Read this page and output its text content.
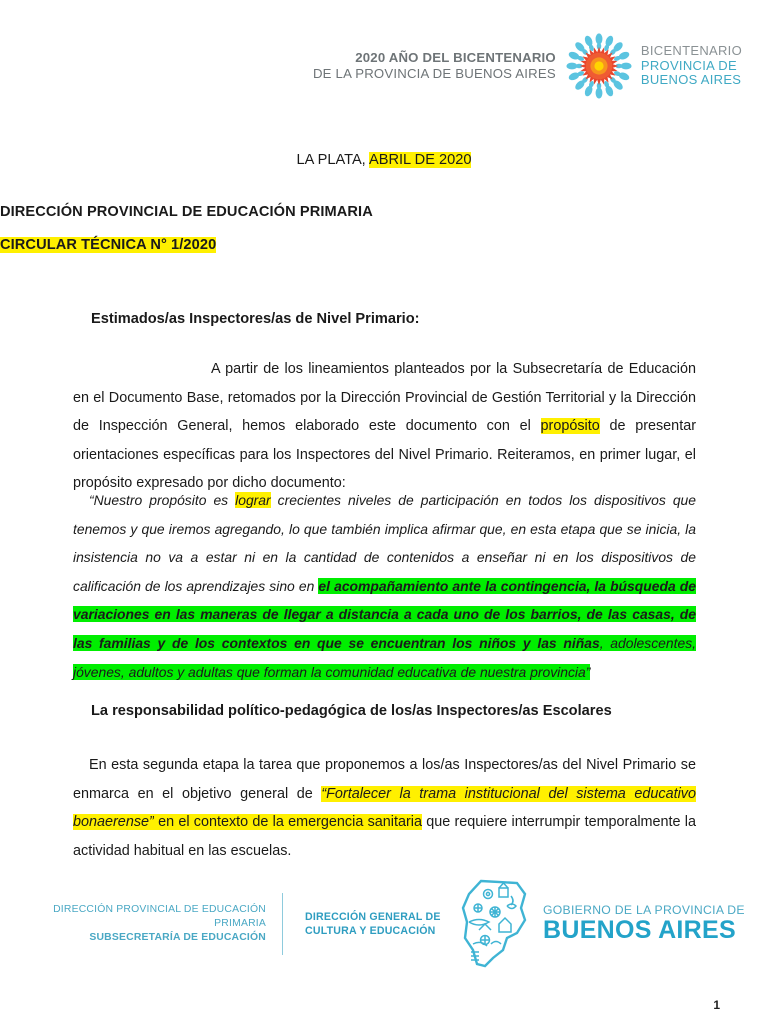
2020 AÑO DEL BICENTENARIO
DE LA PROVINCIA DE BUENOS AIRES
BICENTENARIO
PROVINCIA DE
BUENOS AIRES
LA PLATA, ABRIL DE 2020
DIRECCIÓN PROVINCIAL DE EDUCACIÓN PRIMARIA
CIRCULAR TÉCNICA N° 1/2020
Estimados/as Inspectores/as de Nivel Primario:
A partir de los lineamientos planteados por la Subsecretaría de Educación en el Documento Base, retomados por la Dirección Provincial de Gestión Territorial y la Dirección de Inspección General, hemos elaborado este documento con el propósito de presentar orientaciones específicas para los Inspectores del Nivel Primario. Reiteramos, en primer lugar, el propósito expresado por dicho documento:
“Nuestro propósito es lograr crecientes niveles de participación en todos los dispositivos que tenemos y que iremos agregando, lo que también implica afirmar que, en esta etapa que se inicia, la insistencia no va a estar ni en la cantidad de contenidos a enseñar ni en los dispositivos de calificación de los aprendizajes sino en el acompañamiento ante la contingencia, la búsqueda de variaciones en las maneras de llegar a distancia a cada uno de los barrios, de las casas, de las familias y de los contextos en que se encuentran los niños y las niñas, adolescentes, jóvenes, adultos y adultas que forman la comunidad educativa de nuestra provincia”
La responsabilidad político-pedagógica de los/as Inspectores/as Escolares
En esta segunda etapa la tarea que proponemos a los/as Inspectores/as del Nivel Primario se enmarca en el objetivo general de “Fortalecer la trama institucional del sistema educativo bonaerense” en el contexto de la emergencia sanitaria que requiere interrumpir temporalmente la actividad habitual en las escuelas.
DIRECCIÓN PROVINCIAL DE EDUCACIÓN PRIMARIA
SUBSECRETARÍA DE EDUCACIÓN
DIRECCIÓN GENERAL DE
CULTURA Y EDUCACIÓN
GOBIERNO DE LA PROVINCIA DE
BUENOS AIRES
1
